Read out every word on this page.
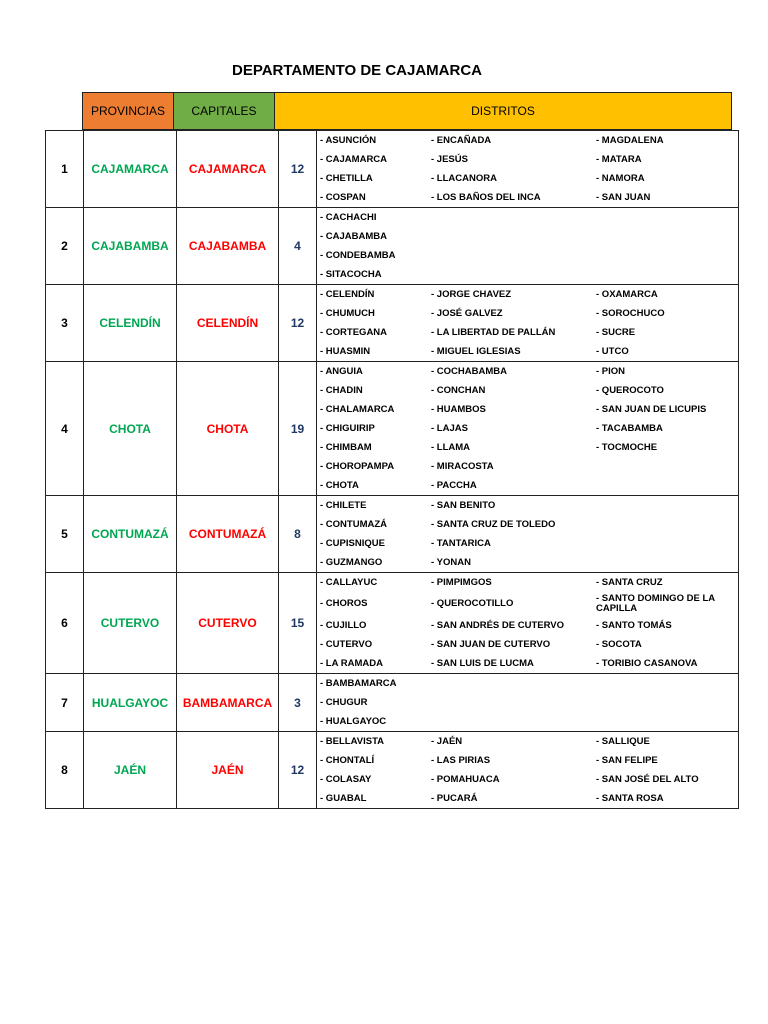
DEPARTAMENTO DE CAJAMARCA
PROVINCIAS	CAPITALES	DISTRITOS
1	CAJAMARCA	CAJAMARCA	12	
- ASUNCIÓN	- ENCAÑADA	- MAGDALENA
- CAJAMARCA	- JESÚS	- MATARA
- CHETILLA	- LLACANORA	- NAMORA
- COSPAN	- LOS BAÑOS DEL INCA	- SAN JUAN

2	CAJABAMBA	CAJABAMBA	4	
- CACHACHI		
- CAJABAMBA		
- CONDEBAMBA		
- SITACOCHA		

3	CELENDÍN	CELENDÍN	12	
- CELENDÍN	- JORGE CHAVEZ	- OXAMARCA
- CHUMUCH	- JOSÉ GALVEZ	- SOROCHUCO
- CORTEGANA	- LA LIBERTAD DE PALLÁN	- SUCRE
- HUASMIN	- MIGUEL IGLESIAS	- UTCO

4	CHOTA	CHOTA	19	
- ANGUIA	- COCHABAMBA	- PION
- CHADIN	- CONCHAN	- QUEROCOTO
- CHALAMARCA	- HUAMBOS	- SAN JUAN DE LICUPIS
- CHIGUIRIP	- LAJAS	- TACABAMBA
- CHIMBAM	- LLAMA	- TOCMOCHE
- CHOROPAMPA	- MIRACOSTA	
- CHOTA	- PACCHA	

5	CONTUMAZÁ	CONTUMAZÁ	8	
- CHILETE	- SAN BENITO	
- CONTUMAZÁ	- SANTA CRUZ DE TOLEDO	
- CUPISNIQUE	- TANTARICA	
- GUZMANGO	- YONAN	

6	CUTERVO	CUTERVO	15	
- CALLAYUC	- PIMPIMGOS	- SANTA CRUZ
- CHOROS	- QUEROCOTILLO	- SANTO DOMINGO DE LA CAPILLA
- CUJILLO	- SAN ANDRÉS DE CUTERVO	- SANTO TOMÁS
- CUTERVO	- SAN JUAN DE CUTERVO	- SOCOTA
- LA RAMADA	- SAN LUIS DE LUCMA	- TORIBIO CASANOVA

7	HUALGAYOC	BAMBAMARCA	3	
- BAMBAMARCA		
- CHUGUR		
- HUALGAYOC		

8	JAÉN	JAÉN	12	
- BELLAVISTA	- JAÉN	- SALLIQUE
- CHONTALÍ	- LAS PIRIAS	- SAN FELIPE
- COLASAY	- POMAHUACA	- SAN JOSÉ DEL ALTO
- GUABAL	- PUCARÁ	- SANTA ROSA
